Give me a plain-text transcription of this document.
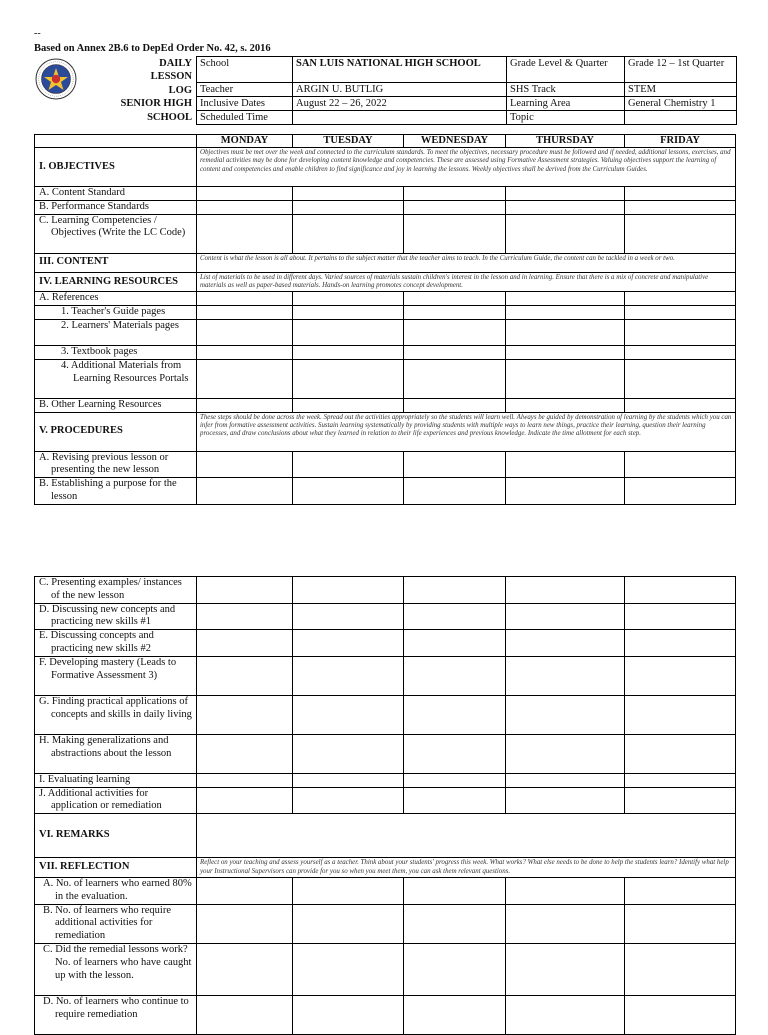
--
Based on Annex 2B.6 to DepEd Order No. 42, s. 2016
DAILY
LESSON
LOG
SENIOR HIGH SCHOOL
School	SAN LUIS NATIONAL HIGH SCHOOL	Grade Level & Quarter	Grade 12 – 1st Quarter
Teacher	ARGIN U. BUTLIG	SHS Track	STEM
Inclusive Dates	August 22 – 26, 2022	Learning Area	General Chemistry 1
Scheduled Time		Topic	
	MONDAY	TUESDAY	WEDNESDAY	THURSDAY	FRIDAY
I. OBJECTIVES	Objectives must be met over the week and connected to the curriculum standards. To meet the objectives, necessary procedure must be followed and if needed, additional lessons, exercises, and remedial activities may be done for developing content knowledge and competencies. These are assessed using Formative Assessment strategies. Valuing objectives support the learning of content and competencies and enable children to find significance and joy in learning the lessons. Weekly objectives shall be derived from the Curriculum Guides.				
A. Content Standard					
B. Performance Standards					

C. Learning Competencies / Objectives (Write the LC Code)					

III. CONTENT	Content is what the lesson is all about. It pertains to the subject matter that the teacher aims to teach. In the Curriculum Guide, the content can be tackled in a week or two.				
IV. LEARNING RESOURCES	List of materials to be used in different days. Varied sources of materials sustain children's interest in the lesson and in learning. Ensure that there is a mix of concrete and manipulative materials as well as paper-based materials. Hands-on learning promotes concept development.				
A. References					
1. Teacher's Guide pages					

2. Learners' Materials pages					

3. Textbook pages					

4. Additional Materials from Learning Resources Portals					

B. Other Learning Resources					
V. PROCEDURES	These steps should be done across the week. Spread out the activities appropriately so the students will learn well. Always be guided by demonstration of learning by the students which you can infer from formative assessment activities. Sustain learning systematically by providing students with multiple ways to learn new things, practice their learning, question their learning processes, and draw conclusions about what they learned in relation to their life experiences and previous knowledge. Indicate the time allotment for each step.				

A. Revising previous lesson or presenting the new lesson					

B. Establishing a purpose for the lesson					

C. Presenting examples/ instances of the new lesson					

D. Discussing new concepts and practicing new skills #1					

E. Discussing concepts and practicing new skills #2					

F. Developing mastery (Leads to Formative Assessment 3)					

G. Finding practical applications of concepts and skills in daily living					

H. Making generalizations and abstractions about the lesson					

I. Evaluating learning					

J. Additional activities for application or remediation					

VI. REMARKS					
VII. REFLECTION	Reflect on your teaching and assess yourself as a teacher. Think about your students' progress this week. What works? What else needs to be done to help the students learn? Identify what help your Instructional Supervisors can provide for you so when you meet them, you can ask them relevant questions.				

A. No. of learners who earned 80% in the evaluation.					

B. No. of learners who require additional activities for remediation					

C. Did the remedial lessons work? No. of learners who have caught up with the lesson.					

D. No. of learners who continue to require remediation					
